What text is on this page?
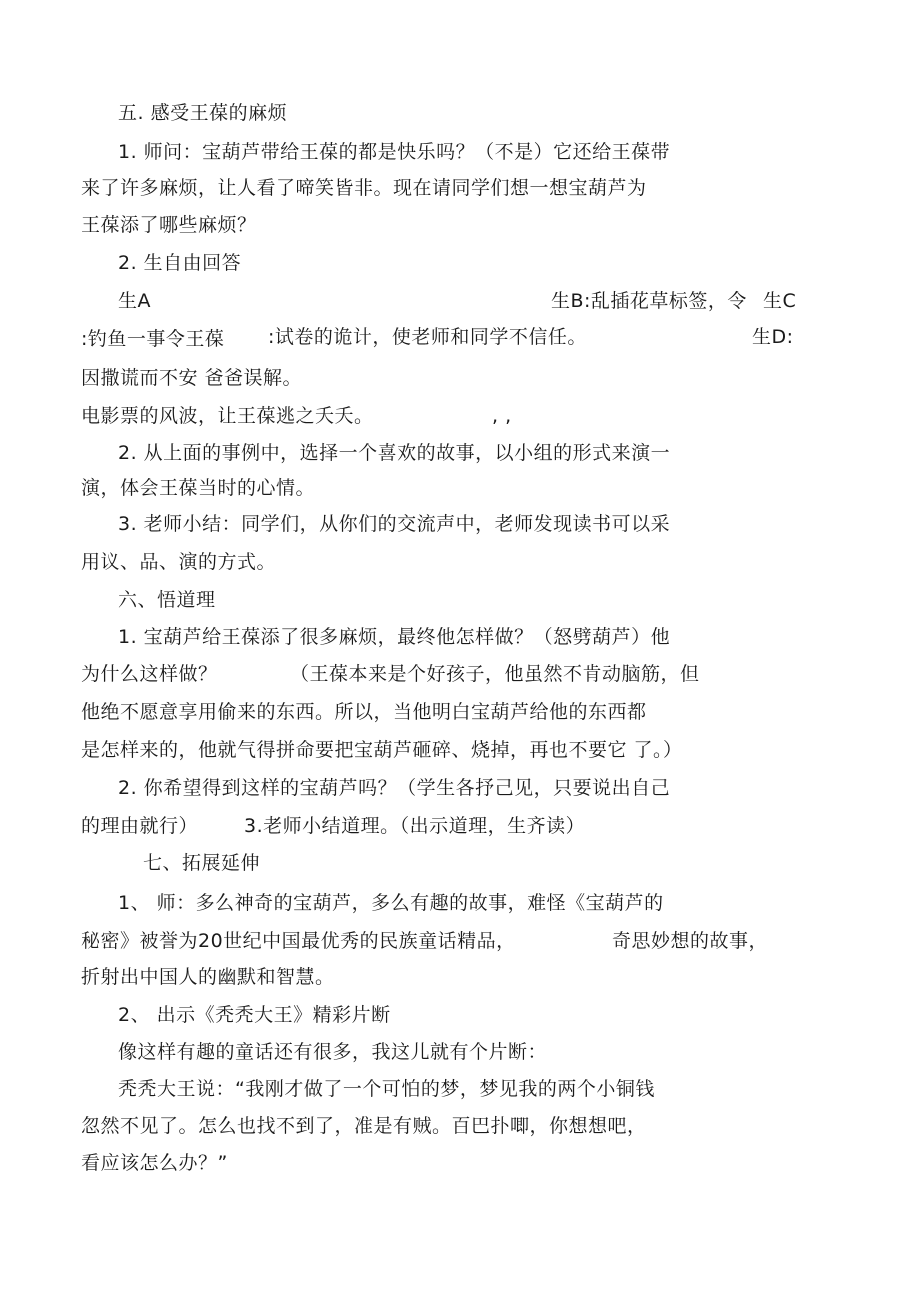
五. 感受王葆的麻烦
1. 师问：宝葫芦带给王葆的都是快乐吗？（不是）它还给王葆带
来了许多麻烦，让人看了啼笑皆非。现在请同学们想一想宝葫芦为
王葆添了哪些麻烦？
2. 生自由回答
生A	生B:乱插花草标签，令 生C
:钓鱼一事令王葆 :试卷的诡计，使老师和同学不信任。	生D:
因撒谎而不安 爸爸误解。
电影票的风波，让王葆逃之夭夭。	, ,
2. 从上面的事例中，选择一个喜欢的故事，以小组的形式来演一
演，体会王葆当时的心情。
3. 老师小结：同学们，从你们的交流声中，老师发现读书可以采
用议、品、演的方式。
六、悟道理
1. 宝葫芦给王葆添了很多麻烦，最终他怎样做？（怒劈葫芦）他
为什么这样做？	（王葆本来是个好孩子，他虽然不肯动脑筋，但
他绝不愿意享用偷来的东西。所以，当他明白宝葫芦给他的东西都
是怎样来的，他就气得拼命要把宝葫芦砸碎、烧掉，再也不要它 了。）
2. 你希望得到这样的宝葫芦吗？（学生各抒己见，只要说出自己
的理由就行） 3.老师小结道理。（出示道理，生齐读）
七、拓展延伸
1、 师：多么神奇的宝葫芦，多么有趣的故事，难怪《宝葫芦的
秘密》被誉为20世纪中国最优秀的民族童话精品，	奇思妙想的故事，
折射出中国人的幽默和智慧。
2、 出示《秃秃大王》精彩片断
像这样有趣的童话还有很多，我这儿就有个片断：
秃秃大王说：“我刚才做了一个可怕的梦，梦见我的两个小铜钱
忽然不见了。怎么也找不到了，准是有贼。百巴扑唧，你想想吧，
看应该怎么办？”
